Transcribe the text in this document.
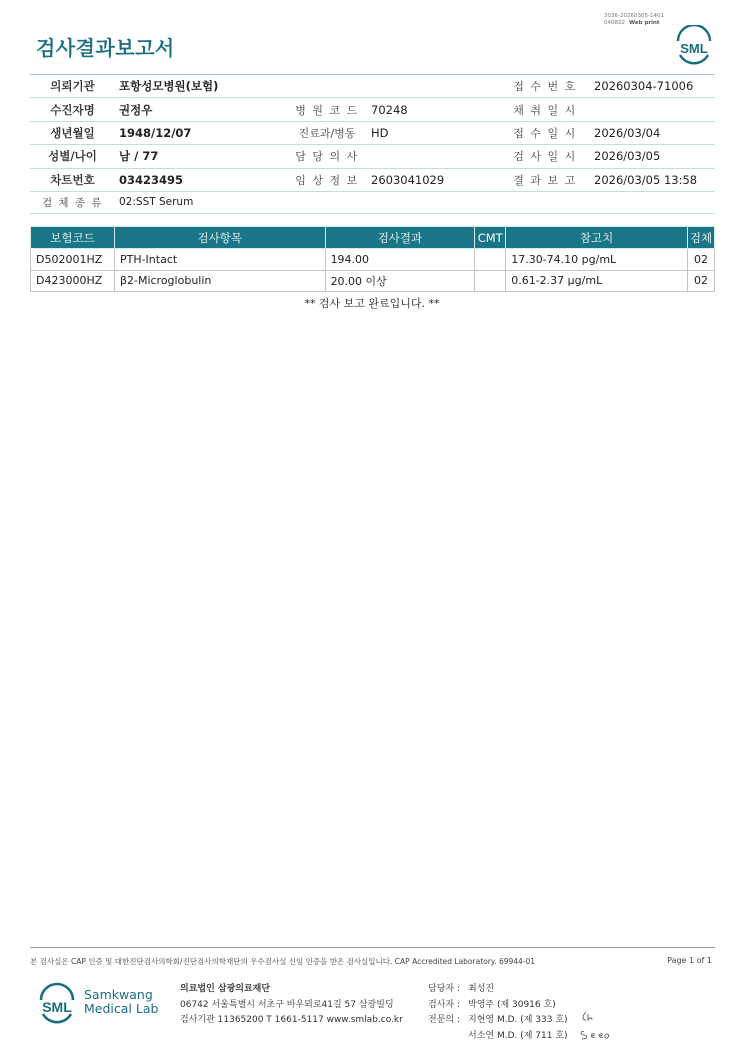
3036-20260305-1401
040822 Web print
검사결과보고서	SML
의뢰기관	포항성모병원(보험)			접 수 번 호	20260304-71006
수진자명	권정우	병 원 코 드	70248	채 취 일 시	
생년월일	1948/12/07	진료과/병동	HD	접 수 일 시	2026/03/04
성별/나이	남 / 77	담 당 의 사		검 사 일 시	2026/03/05
차트번호	03423495	임 상 정 보	2603041029	결 과 보 고	2026/03/05 13:58
검 체 종 류	02:SST Serum				
보험코드	검사항목	검사결과	CMT	참고치	검체
D502001HZ	PTH-Intact	194.00		17.30-74.10 pg/mL	02
D423000HZ	β2-Microglobulin	20.00 이상		0.61-2.37 μg/mL	02
** 검사 보고 완료입니다. **
본 검사실은 CAP 인증 및 대한진단검사의학회/진단검사의학재단의 우수검사실 신임 인증을 받은 검사실입니다. CAP Accredited Laboratory. 69944-01	Page 1 of 1
SML
Samkwang
Medical Lab
의료법인 삼광의료재단
06742 서울특별시 서초구 바우뫼로41길 57 삼광빌딩
검사기관 11365200 T 1661-5117 www.smlab.co.kr
담당자 : 최성진
검사자 : 박영주 (제 30916 호)
전문의 : 지현영 M.D. (제 333 호)
서소연 M.D. (제 711 호)
